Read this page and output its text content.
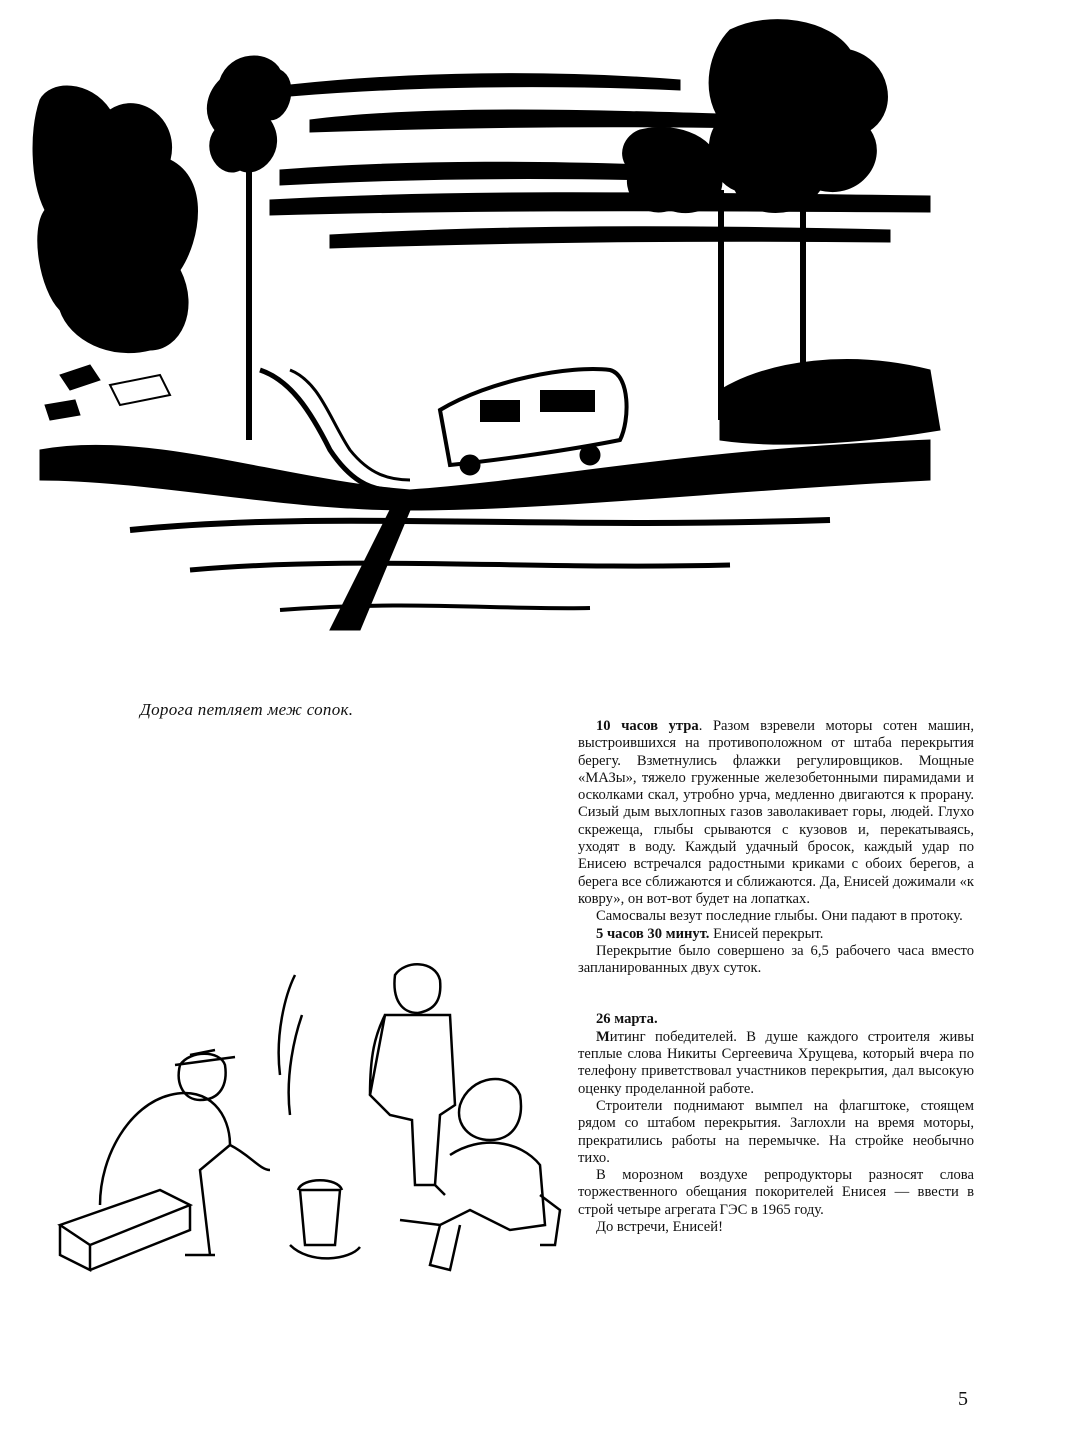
Дорога петляет меж сопок.

10 часов утра. Разом взревели моторы сотен машин, выстроившихся на противоположном от штаба перекрытия берегу. Взметнулись флажки регулировщиков. Мощные «МАЗы», тяжело груженные железобетонными пирамидами и осколками скал, утробно урча, медленно двигаются к прорану. Сизый дым выхлопных газов заволакивает горы, людей. Глухо скрежеща, глыбы срываются с кузовов и, перекатываясь, уходят в воду. Каждый удачный бросок, каждый удар по Енисею встречался радостными криками с обоих берегов, а берега все сближаются и сближаются. Да, Енисей дожимали «к ковру», он вот-вот будет на лопатках.

Самосвалы везут последние глыбы. Они падают в протоку.

5 часов 30 минут. Енисей перекрыт.

Перекрытие было совершено за 6,5 рабочего часа вместо запланированных двух суток.

26 марта.

Митинг победителей. В душе каждого строителя живы теплые слова Никиты Сергеевича Хрущева, который вчера по телефону приветствовал участников перекрытия, дал высокую оценку проделанной работе.

Строители поднимают вымпел на флагштоке, стоящем рядом со штабом перекрытия. Заглохли на время моторы, прекратились работы на перемычке. На стройке необычно тихо.

В морозном воздухе репродукторы разносят слова торжественного обещания покорителей Енисея — ввести в строй четыре агрегата ГЭС в 1965 году.

До встречи, Енисей!

5
